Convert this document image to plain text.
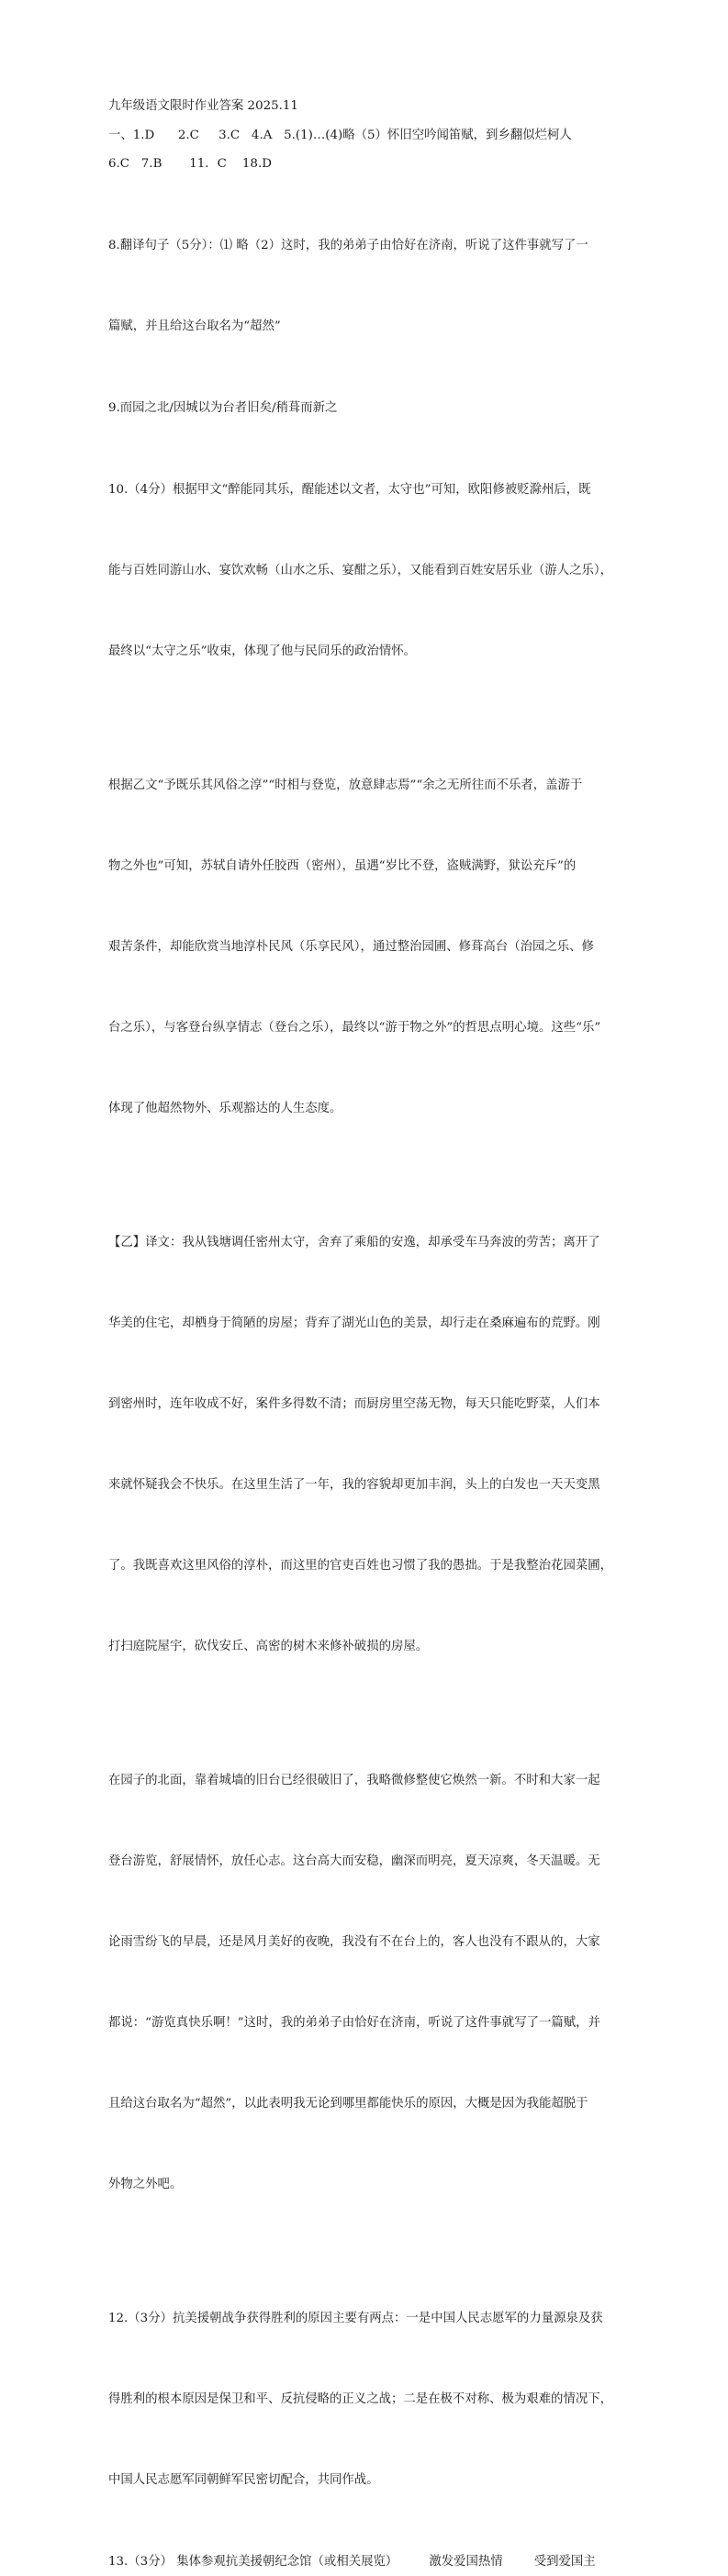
九年级语文限时作业答案 2025.11
一、1.D      2.C     3.C   4.A   5.(1)…(4)略（5）怀旧空吟闻笛赋，到乡翻似烂柯人
6.C   7.B       11．C    18.D

8.翻译句子（5分）：⑴ 略（2）这时，我的弟弟子由恰好在济南，听说了这件事就写了一

篇赋，并且给这台取名为“超然”

9.而园之北/因城以为台者旧矣/稍葺而新之

10.（4分）根据甲文“醉能同其乐，醒能述以文者，太守也”可知，欧阳修被贬滁州后，既

能与百姓同游山水、宴饮欢畅（山水之乐、宴酣之乐），又能看到百姓安居乐业（游人之乐），

最终以“太守之乐”收束，体现了他与民同乐的政治情怀。

根据乙文“予既乐其风俗之淳”“时相与登览，放意肆志焉”“余之无所往而不乐者，盖游于

物之外也”可知，苏轼自请外任胶西（密州），虽遇“岁比不登，盗贼满野，狱讼充斥”的

艰苦条件，却能欣赏当地淳朴民风（乐享民风），通过整治园圃、修葺高台（治园之乐、修

台之乐），与客登台纵享情志（登台之乐），最终以“游于物之外”的哲思点明心境。这些“乐”

体现了他超然物外、乐观豁达的人生态度。

【乙】译文：我从钱塘调任密州太守，舍弃了乘船的安逸，却承受车马奔波的劳苦；离开了

华美的住宅，却栖身于简陋的房屋；背弃了湖光山色的美景，却行走在桑麻遍布的荒野。刚

到密州时，连年收成不好，案件多得数不清；而厨房里空荡无物，每天只能吃野菜，人们本

来就怀疑我会不快乐。在这里生活了一年，我的容貌却更加丰润，头上的白发也一天天变黑

了。我既喜欢这里风俗的淳朴，而这里的官吏百姓也习惯了我的愚拙。于是我整治花园菜圃，

打扫庭院屋宇，砍伐安丘、高密的树木来修补破损的房屋。

在园子的北面，靠着城墙的旧台已经很破旧了，我略微修整使它焕然一新。不时和大家一起

登台游览，舒展情怀，放任心志。这台高大而安稳，幽深而明亮，夏天凉爽，冬天温暖。无

论雨雪纷飞的早晨，还是风月美好的夜晚，我没有不在台上的，客人也没有不跟从的，大家

都说：“游览真快乐啊！”这时，我的弟弟子由恰好在济南，听说了这件事就写了一篇赋，并

且给这台取名为“超然”，以此表明我无论到哪里都能快乐的原因，大概是因为我能超脱于

外物之外吧。

12.（3分）抗美援朝战争获得胜利的原因主要有两点：一是中国人民志愿军的力量源泉及获

得胜利的根本原因是保卫和平、反抗侵略的正义之战；二是在极不对称、极为艰难的情况下，

中国人民志愿军同朝鲜军民密切配合，共同作战。

13.（3分） 集体参观抗美援朝纪念馆（或相关展览）        激发爱国热情        受到爱国主
